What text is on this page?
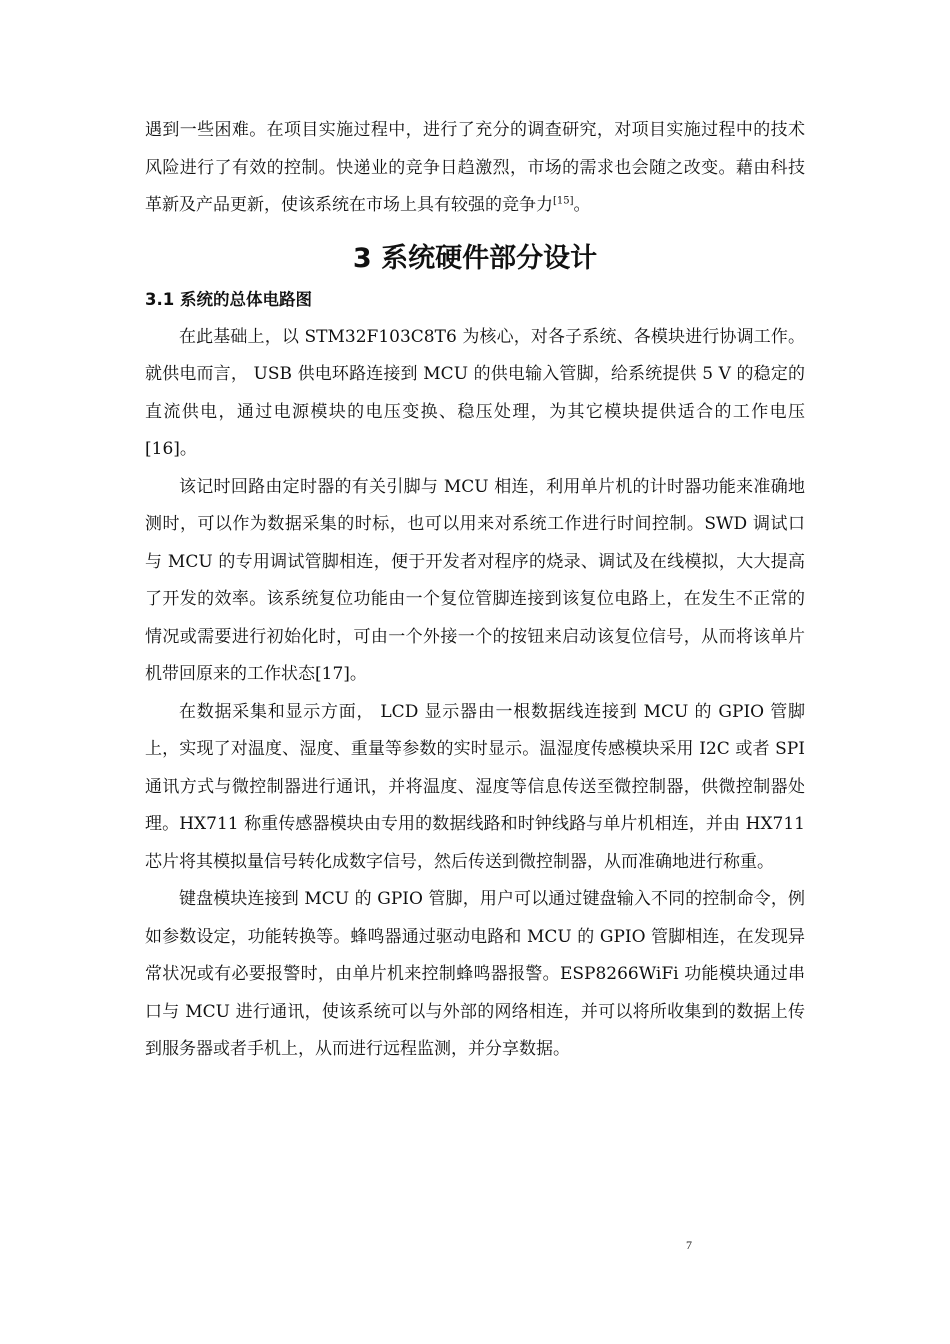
遇到一些困难。在项目实施过程中，进行了充分的调查研究，对项目实施过程中的技术风险进行了有效的控制。快递业的竞争日趋激烈，市场的需求也会随之改变。藉由科技革新及产品更新，使该系统在市场上具有较强的竞争力[15]。

3 系统硬件部分设计
3.1 系统的总体电路图

在此基础上，以 STM32F103C8T6 为核心，对各子系统、各模块进行协调工作。就供电而言， USB 供电环路连接到 MCU 的供电输入管脚，给系统提供 5 V 的稳定的直流供电，通过电源模块的电压变换、稳压处理，为其它模块提供适合的工作电压[16]。

该记时回路由定时器的有关引脚与 MCU 相连，利用单片机的计时器功能来准确地测时，可以作为数据采集的时标，也可以用来对系统工作进行时间控制。SWD 调试口与 MCU 的专用调试管脚相连，便于开发者对程序的烧录、调试及在线模拟，大大提高了开发的效率。该系统复位功能由一个复位管脚连接到该复位电路上，在发生不正常的情况或需要进行初始化时，可由一个外接一个的按钮来启动该复位信号，从而将该单片机带回原来的工作状态[17]。

在数据采集和显示方面， LCD 显示器由一根数据线连接到 MCU 的 GPIO 管脚上，实现了对温度、湿度、重量等参数的实时显示。温湿度传感模块采用 I2C 或者 SPI 通讯方式与微控制器进行通讯，并将温度、湿度等信息传送至微控制器，供微控制器处理。HX711 称重传感器模块由专用的数据线路和时钟线路与单片机相连，并由 HX711 芯片将其模拟量信号转化成数字信号，然后传送到微控制器，从而准确地进行称重。

键盘模块连接到 MCU 的 GPIO 管脚，用户可以通过键盘输入不同的控制命令，例如参数设定，功能转换等。蜂鸣器通过驱动电路和 MCU 的 GPIO 管脚相连，在发现异常状况或有必要报警时，由单片机来控制蜂鸣器报警。ESP8266WiFi 功能模块通过串口与 MCU 进行通讯，使该系统可以与外部的网络相连，并可以将所收集到的数据上传到服务器或者手机上，从而进行远程监测，并分享数据。

7
